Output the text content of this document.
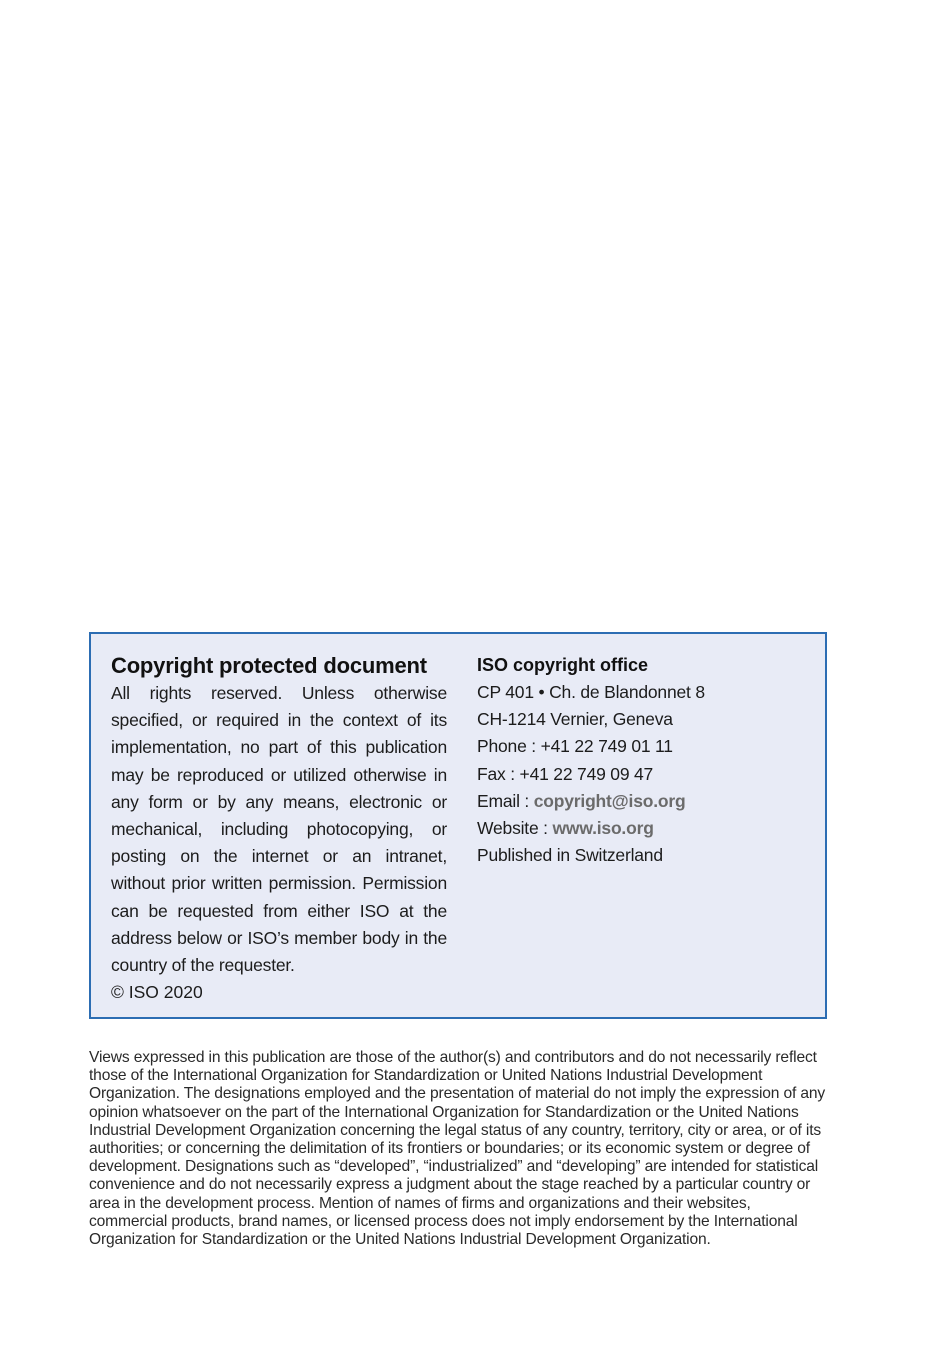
Copyright protected document

All rights reserved. Unless otherwise specified, or required in the context of its implementation, no part of this publication may be reproduced or utilized otherwise in any form or by any means, electronic or mechanical, including photocopying, or posting on the internet or an intranet, without prior written permission. Permission can be requested from either ISO at the address below or ISO’s member body in the country of the requester.

© ISO 2020

ISO copyright office
CP 401 • Ch. de Blandonnet 8
CH-1214 Vernier, Geneva
Phone : +41 22 749 01 11
Fax : +41 22 749 09 47
Email : copyright@iso.org
Website : www.iso.org
Published in Switzerland

Views expressed in this publication are those of the author(s) and contributors and do not necessarily reflect those of the International Organization for Standardization or United Nations Industrial Development Organization. The designations employed and the presentation of material do not imply the expression of any opinion whatsoever on the part of the International Organization for Standardization or the United Nations Industrial Development Organization concerning the legal status of any country, territory, city or area, or of its authorities; or concerning the delimitation of its frontiers or boundaries; or its economic system or degree of development. Designations such as “developed”, “industrialized” and “developing” are intended for statistical convenience and do not necessarily express a judgment about the stage reached by a particular country or area in the development process. Mention of names of firms and organizations and their websites, commercial products, brand names, or licensed process does not imply endorsement by the International Organization for Standardization or the United Nations Industrial Development Organization.
